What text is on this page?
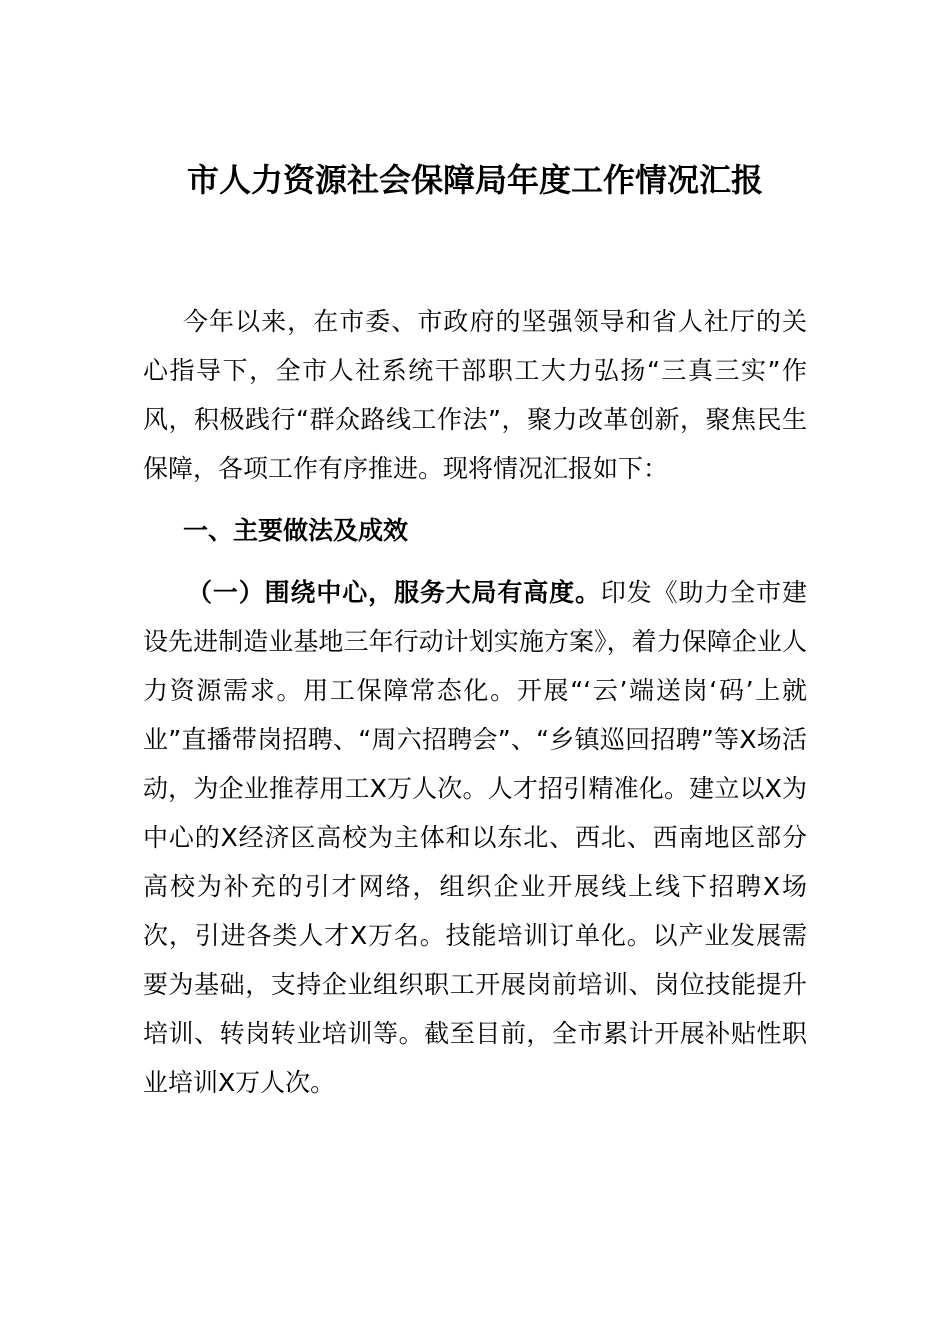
市人力资源社会保障局年度工作情况汇报
今年以来，在市委、市政府的坚强领导和省人社厅的关心指导下，全市人社系统干部职工大力弘扬“三真三实”作风，积极践行“群众路线工作法”，聚力改革创新，聚焦民生保障，各项工作有序推进。现将情况汇报如下：
一、主要做法及成效
（一）围绕中心，服务大局有高度。印发《助力全市建设先进制造业基地三年行动计划实施方案》，着力保障企业人力资源需求。用工保障常态化。开展“‘云’端送岗‘码’上就业”直播带岗招聘、“周六招聘会”、“乡镇巡回招聘”等X场活动，为企业推荐用工X万人次。人才招引精准化。建立以X为中心的X经济区高校为主体和以东北、西北、西南地区部分高校为补充的引才网络，组织企业开展线上线下招聘X场次，引进各类人才X万名。技能培训订单化。以产业发展需要为基础，支持企业组织职工开展岗前培训、岗位技能提升培训、转岗转业培训等。截至目前，全市累计开展补贴性职业培训X万人次。
